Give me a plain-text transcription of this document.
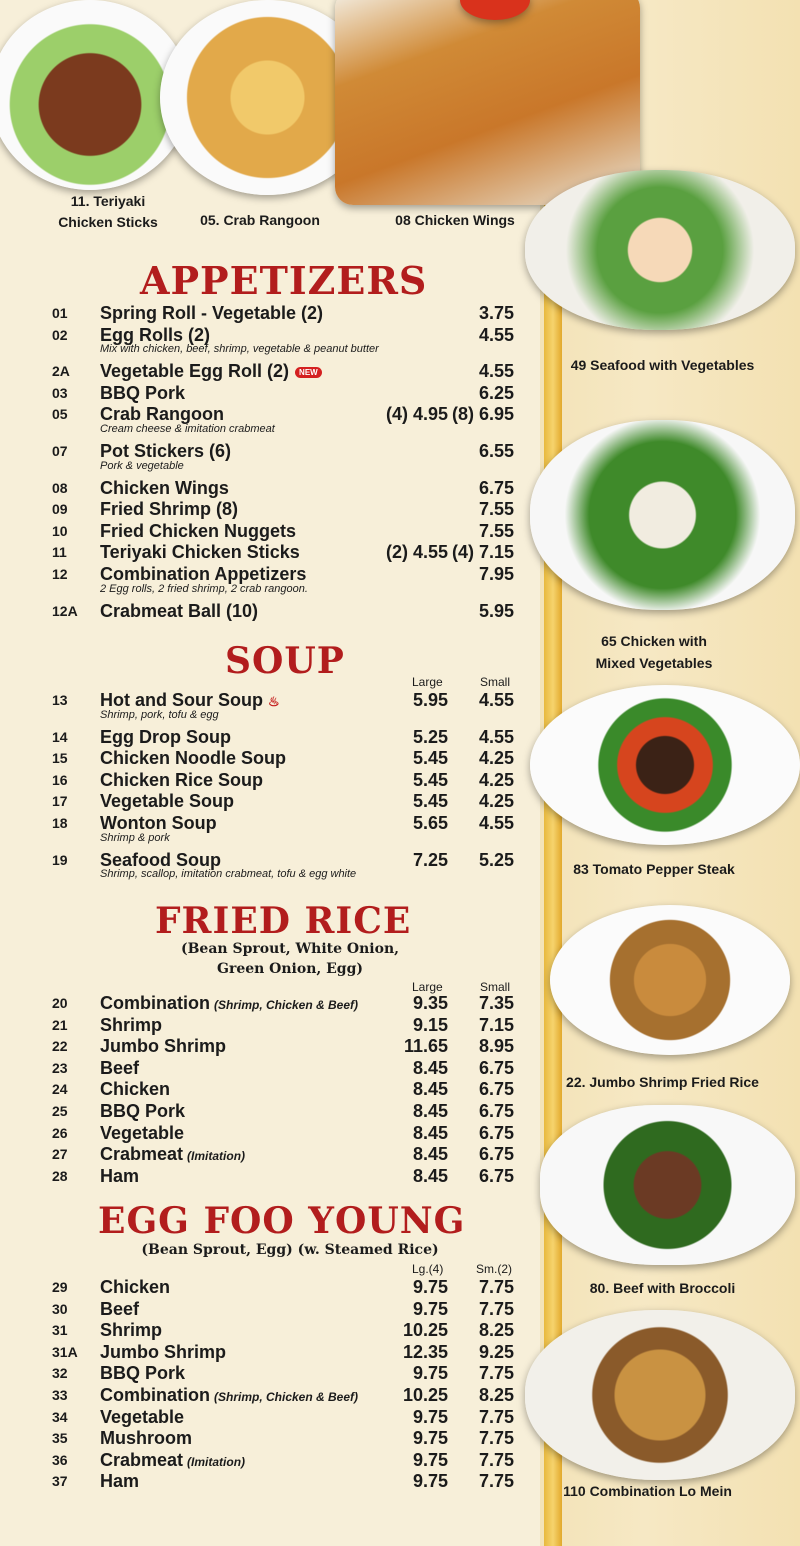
11. Teriyaki
Chicken Sticks	05. Crab Rangoon	08 Chicken Wings
49 Seafood with Vegetables
65 Chicken with
Mixed Vegetables
83 Tomato Pepper Steak
22. Jumbo Shrimp Fried Rice
80. Beef with Broccoli
110 Combination Lo Mein
APPETIZERS
01 Spring Roll - Vegetable (2)	3.75
02 Egg Rolls (2)	4.55
Mix with chicken, beef, shrimp, vegetable & peanut butter
2A Vegetable Egg Roll (2) NEW	4.55
03 BBQ Pork	6.25
05 Crab Rangoon	(4) 4.95 (8) 6.95
Cream cheese & imitation crabmeat
07 Pot Stickers (6)	6.55
Pork & vegetable
08 Chicken Wings	6.75
09 Fried Shrimp (8)	7.55
10 Fried Chicken Nuggets	7.55
11 Teriyaki Chicken Sticks	(2) 4.55 (4) 7.15
12 Combination Appetizers	7.95
2 Egg rolls, 2 fried shrimp, 2 crab rangoon.
12A Crabmeat Ball (10)	5.95
SOUP	Large	Small
13 Hot and Sour Soup ♨	5.95 4.55
Shrimp, pork, tofu & egg
14 Egg Drop Soup	5.25 4.55
15 Chicken Noodle Soup	5.45 4.25
16 Chicken Rice Soup	5.45 4.25
17 Vegetable Soup	5.45 4.25
18 Wonton Soup	5.65 4.55
Shrimp & pork
19 Seafood Soup	7.25 5.25
Shrimp, scallop, imitation crabmeat, tofu & egg white
FRIED RICE
(Bean Sprout, White Onion,
Green Onion, Egg)
Large	Small
20 Combination (Shrimp, Chicken & Beef)	9.35 7.35
21 Shrimp	9.15 7.15
22 Jumbo Shrimp	11.65 8.95
23 Beef	8.45 6.75
24 Chicken	8.45 6.75
25 BBQ Pork	8.45 6.75
26 Vegetable	8.45 6.75
27 Crabmeat (Imitation)	8.45 6.75
28 Ham	8.45 6.75
EGG FOO YOUNG
(Bean Sprout, Egg) (w. Steamed Rice)
Lg.(4)	Sm.(2)
29 Chicken	9.75 7.75
30 Beef	9.75 7.75
31 Shrimp	10.25 8.25
31A Jumbo Shrimp	12.35 9.25
32 BBQ Pork	9.75 7.75
33 Combination (Shrimp, Chicken & Beef) 10.25 8.25
34 Vegetable	9.75 7.75
35 Mushroom	9.75 7.75
36 Crabmeat (Imitation)	9.75 7.75
37 Ham	9.75 7.75
